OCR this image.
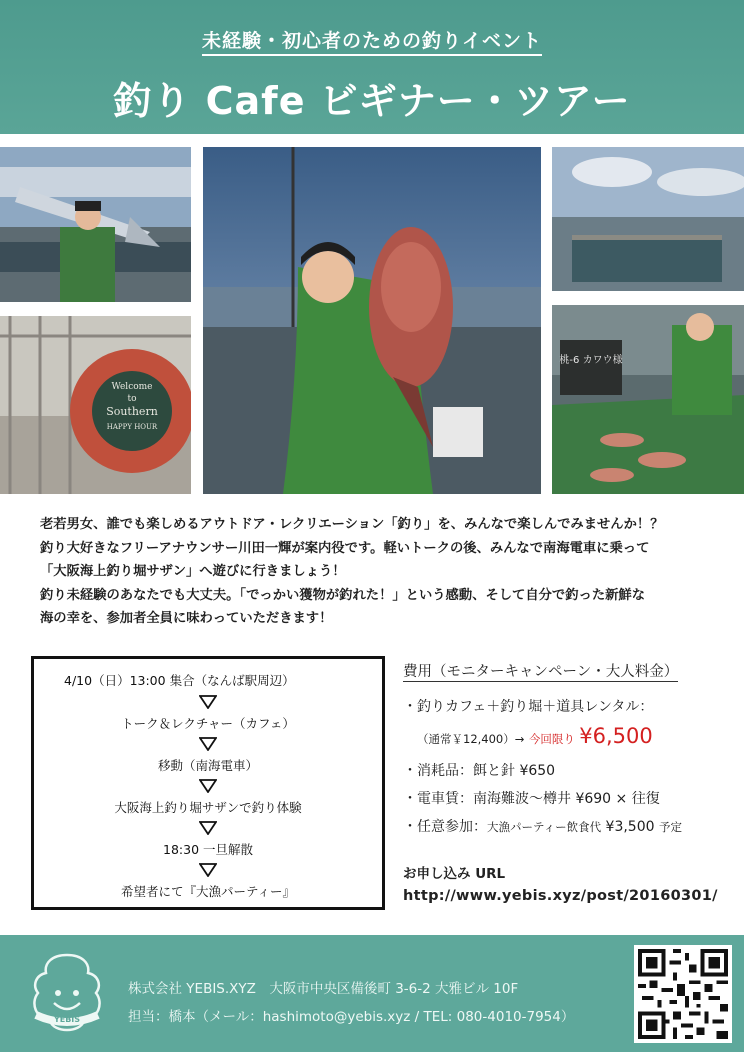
未経験・初心者のための釣りイベント
釣り Cafe ビギナー・ツアー
Welcome
to
Southern
HAPPY HOUR
桃-6 カワウ様

老若男女、誰でも楽しめるアウトドア・レクリエーション「釣り」を、みんなで楽しんでみませんか！？

釣り大好きなフリーアナウンサー川田一輝が案内役です。軽いトークの後、みんなで南海電車に乗って

「大阪海上釣り堀サザン」へ遊びに行きましょう！

釣り未経験のあなたでも大丈夫。「でっかい獲物が釣れた！」という感動、そして自分で釣った新鮮な

海の幸を、参加者全員に味わっていただきます！

4/10（日）13:00 集合（なんば駅周辺）
トーク＆レクチャー（カフェ）
移動（南海電車）
大阪海上釣り堀サザンで釣り体験
18:30 一旦解散
希望者にて『大漁パーティー』
費用（モニターキャンペーン・大人料金）
・釣りカフェ＋釣り堀＋道具レンタル：
（通常￥12,400）→ 今回限り ¥6,500
・消耗品：餌と針 ¥650
・電車賃：南海難波〜樽井 ¥690 × 往復
・任意参加：大漁パーティー飲食代 ¥3,500 予定
お申し込み URL
http://www.yebis.xyz/post/20160301/
YEBIS
株式会社 YEBIS.XYZ　大阪市中央区備後町 3-6-2 大雅ビル 10F
担当：橋本（メール：hashimoto@yebis.xyz / TEL: 080-4010-7954）
